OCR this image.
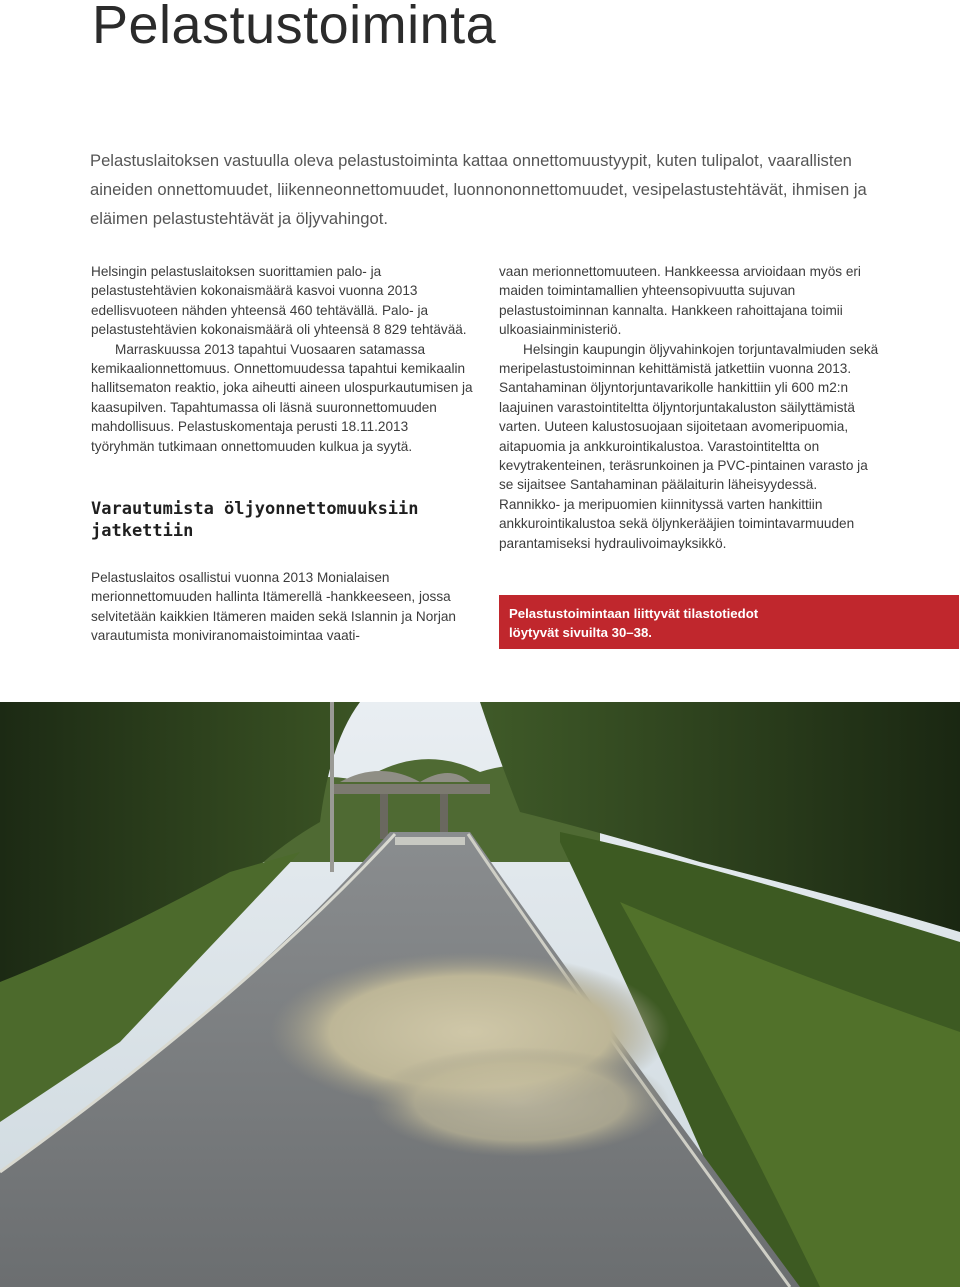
Pelastustoiminta

Pelastuslaitoksen vastuulla oleva pelastustoiminta kattaa onnettomuustyypit, kuten tulipalot, vaarallisten aineiden onnettomuudet, liikenneonnettomuudet, luonnononnettomuudet, vesipelastustehtävät, ihmisen ja eläimen pelastustehtävät ja öljyvahingot.

Helsingin pelastuslaitoksen suorittamien palo- ja pelastustehtävien kokonaismäärä kasvoi vuonna 2013 edellisvuoteen nähden yhteensä 460 tehtävällä. Palo- ja pelastustehtävien kokonaismäärä oli yhteensä 8 829 tehtävää.

Marraskuussa 2013 tapahtui Vuosaaren satamassa kemikaalionnettomuus. Onnettomuudessa tapahtui kemikaalin hallitsematon reaktio, joka aiheutti aineen ulospurkautumisen ja kaasupilven. Tapahtumassa oli läsnä suuronnettomuuden mahdollisuus. Pelastuskomentaja perusti 18.11.2013 työryhmän tutkimaan onnettomuuden kulkua ja syytä.

Varautumista öljyonnettomuuksiin jatkettiin

Pelastuslaitos osallistui vuonna 2013 Monialaisen merionnettomuuden hallinta Itämerellä -hankkeeseen, jossa selvitetään kaikkien Itämeren maiden sekä Islannin ja Norjan varautumista moniviranomaistoimintaa vaati-

vaan merionnettomuuteen. Hankkeessa arvioidaan myös eri maiden toimintamallien yhteensopivuutta sujuvan pelastustoiminnan kannalta. Hankkeen rahoittajana toimii ulkoasiainministeriö.

Helsingin kaupungin öljyvahinkojen torjuntavalmiuden sekä meripelastustoiminnan kehittämistä jatkettiin vuonna 2013. Santahaminan öljyntorjuntavarikolle hankittiin yli 600 m2:n laajuinen varastointiteltta öljyntorjuntakaluston säilyttämistä varten. Uuteen kalustosuojaan sijoitetaan avomeripuomia, aitapuomia ja ankkurointikalustoa. Varastointiteltta on kevytrakenteinen, teräsrunkoinen ja PVC-pintainen varasto ja se sijaitsee Santahaminan päälaiturin läheisyydessä. Rannikko- ja meripuomien kiinnityssä varten hankittiin ankkurointikalustoa sekä öljynkerääjien toimintavarmuuden parantamiseksi hydraulivoimayksikkö.

Pelastustoimintaan liittyvät tilastotiedot
löytyvät sivuilta 30–38.
